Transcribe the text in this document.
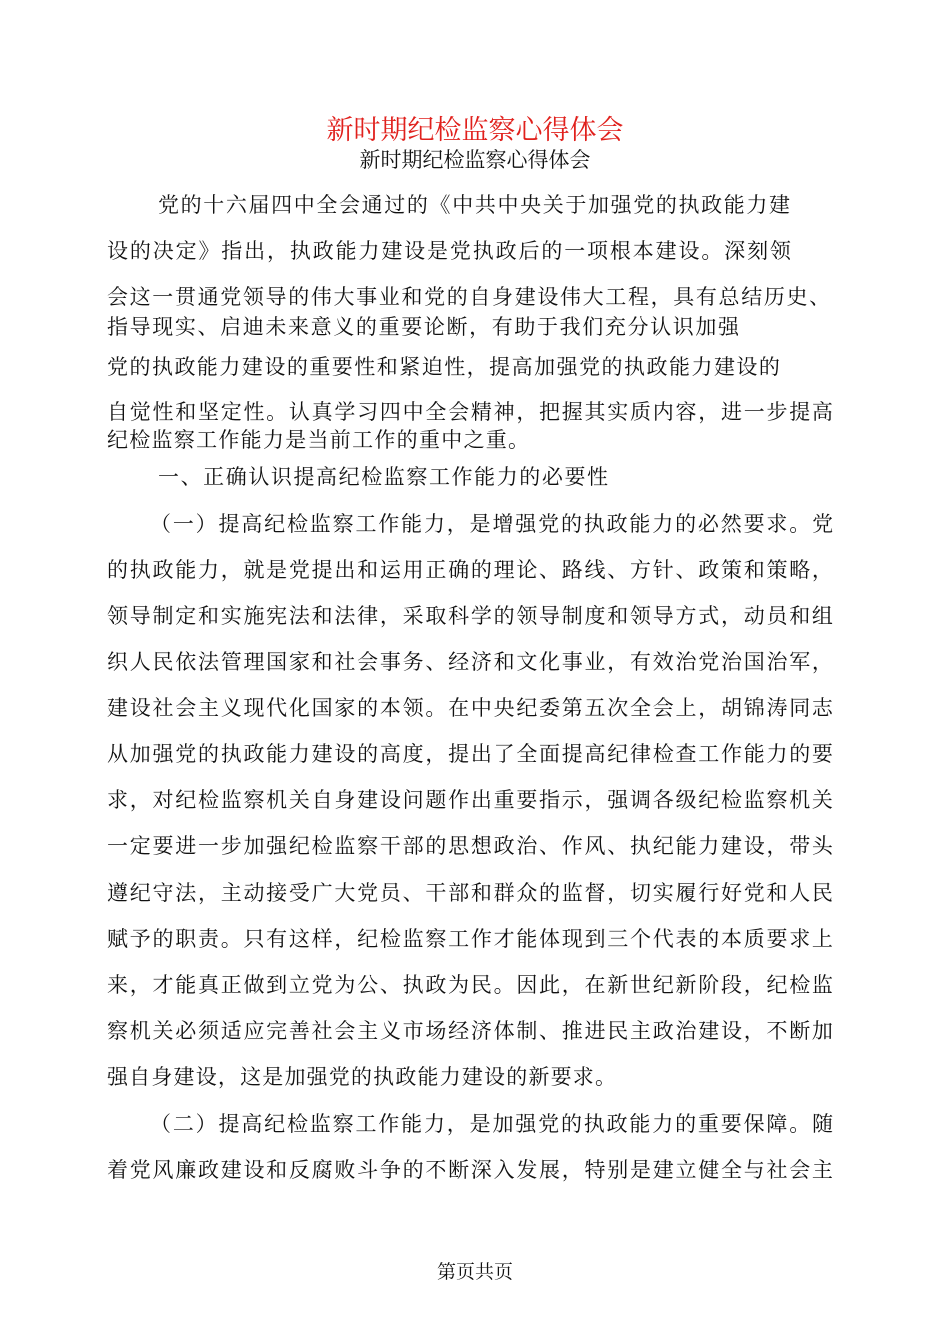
新时期纪检监察心得体会
新时期纪检监察心得体会
党的十六届四中全会通过的《中共中央关于加强党的执政能力建
设的决定》指出，执政能力建设是党执政后的一项根本建设。深刻领
会这一贯通党领导的伟大事业和党的自身建设伟大工程，具有总结历史、
指导现实、启迪未来意义的重要论断，有助于我们充分认识加强
党的执政能力建设的重要性和紧迫性，提高加强党的执政能力建设的
自觉性和坚定性。认真学习四中全会精神，把握其实质内容，进一步提高
纪检监察工作能力是当前工作的重中之重。
一、正确认识提高纪检监察工作能力的必要性
（一）提高纪检监察工作能力，是增强党的执政能力的必然要求。党
的执政能力，就是党提出和运用正确的理论、路线、方针、政策和策略，
领导制定和实施宪法和法律，采取科学的领导制度和领导方式，动员和组
织人民依法管理国家和社会事务、经济和文化事业，有效治党治国治军，
建设社会主义现代化国家的本领。在中央纪委第五次全会上，胡锦涛同志
从加强党的执政能力建设的高度，提出了全面提高纪律检查工作能力的要
求，对纪检监察机关自身建设问题作出重要指示，强调各级纪检监察机关
一定要进一步加强纪检监察干部的思想政治、作风、执纪能力建设，带头
遵纪守法，主动接受广大党员、干部和群众的监督，切实履行好党和人民
赋予的职责。只有这样，纪检监察工作才能体现到三个代表的本质要求上
来，才能真正做到立党为公、执政为民。因此，在新世纪新阶段，纪检监
察机关必须适应完善社会主义市场经济体制、推进民主政治建设，不断加
强自身建设，这是加强党的执政能力建设的新要求。
（二）提高纪检监察工作能力，是加强党的执政能力的重要保障。随
着党风廉政建设和反腐败斗争的不断深入发展，特别是建立健全与社会主
第页共页
